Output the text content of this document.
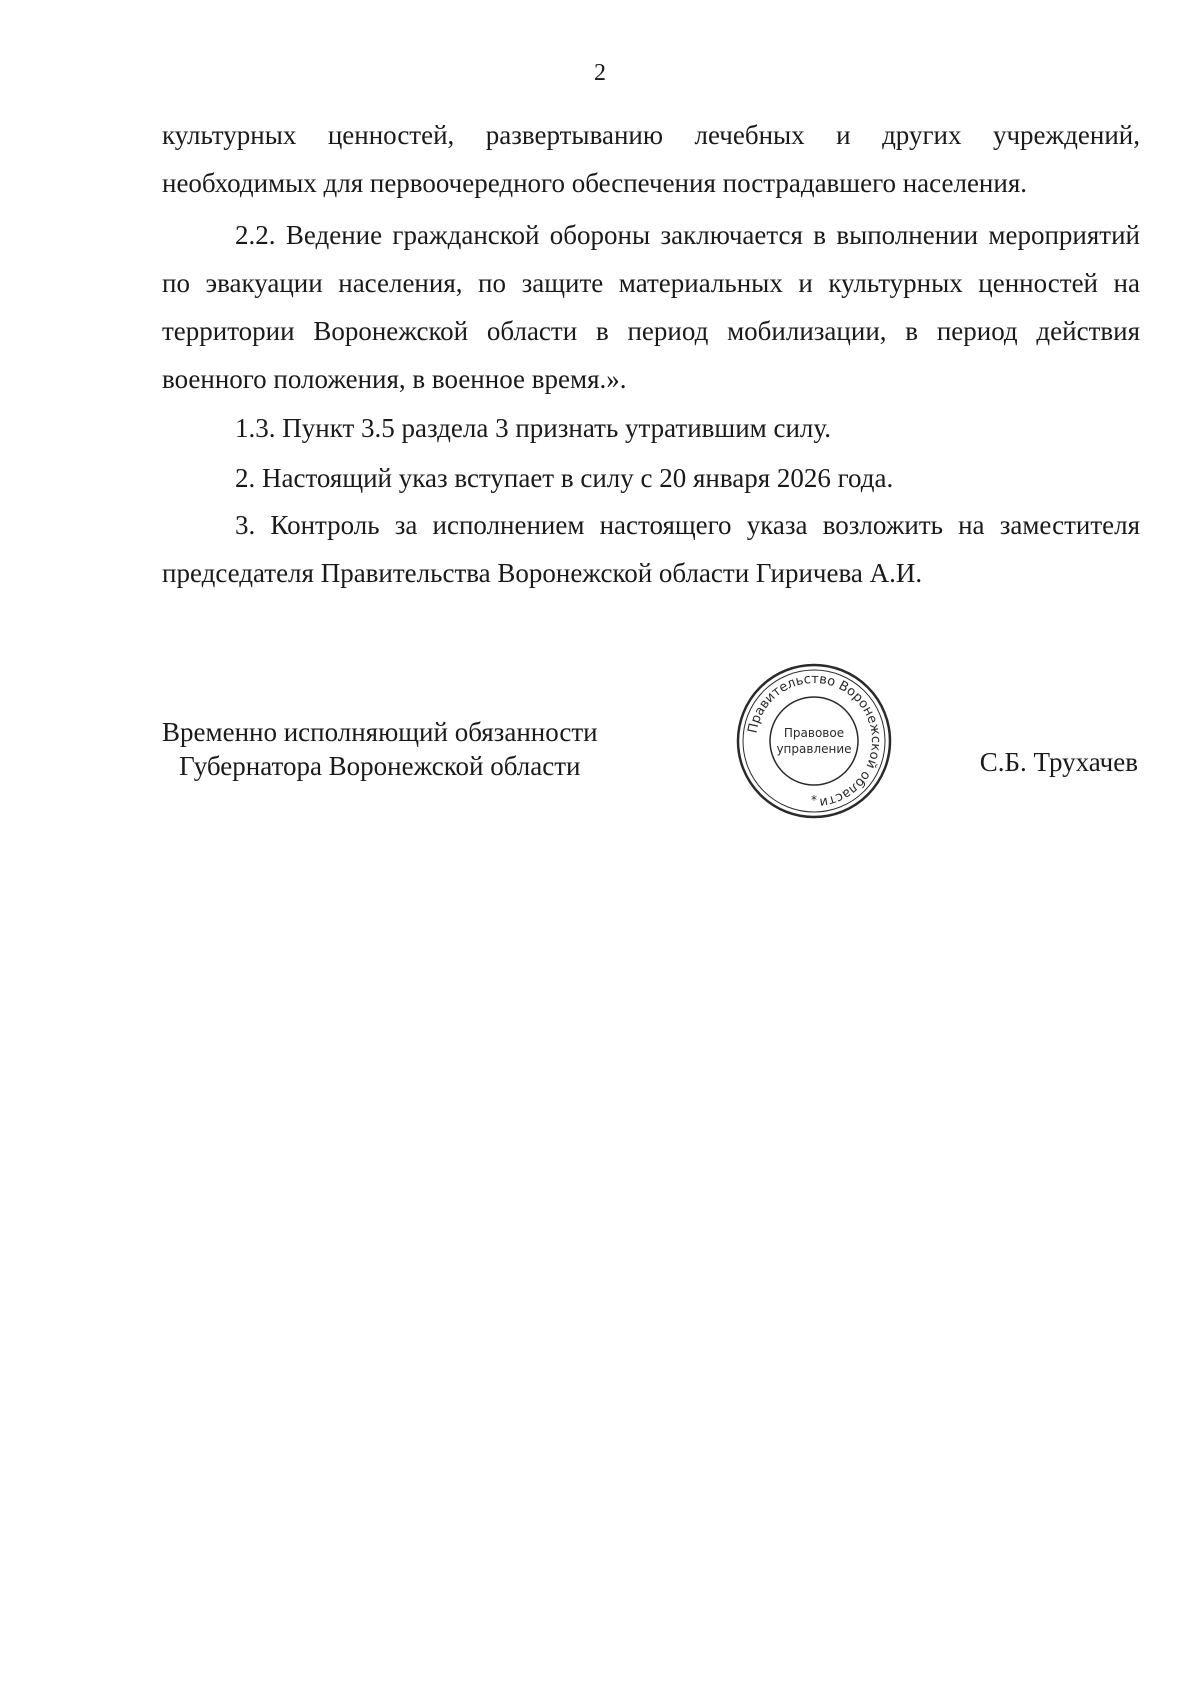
2

культурных ценностей, развертыванию лечебных и других учреждений, необходимых для первоочередного обеспечения пострадавшего населения.

2.2. Ведение гражданской обороны заключается в выполнении мероприятий по эвакуации населения, по защите материальных и культурных ценностей на территории Воронежской области в период мобилизации, в период действия военного положения, в военное время.».

1.3. Пункт 3.5 раздела 3 признать утратившим силу.

2. Настоящий указ вступает в силу с 20 января 2026 года.

3. Контроль за исполнением настоящего указа возложить на заместителя председателя Правительства Воронежской области Гиричева А.И.

Временно исполняющий обязанности
Губернатора Воронежской области
Правительство Воронежской области
Правовое
управление
*

С.Б. Трухачев
